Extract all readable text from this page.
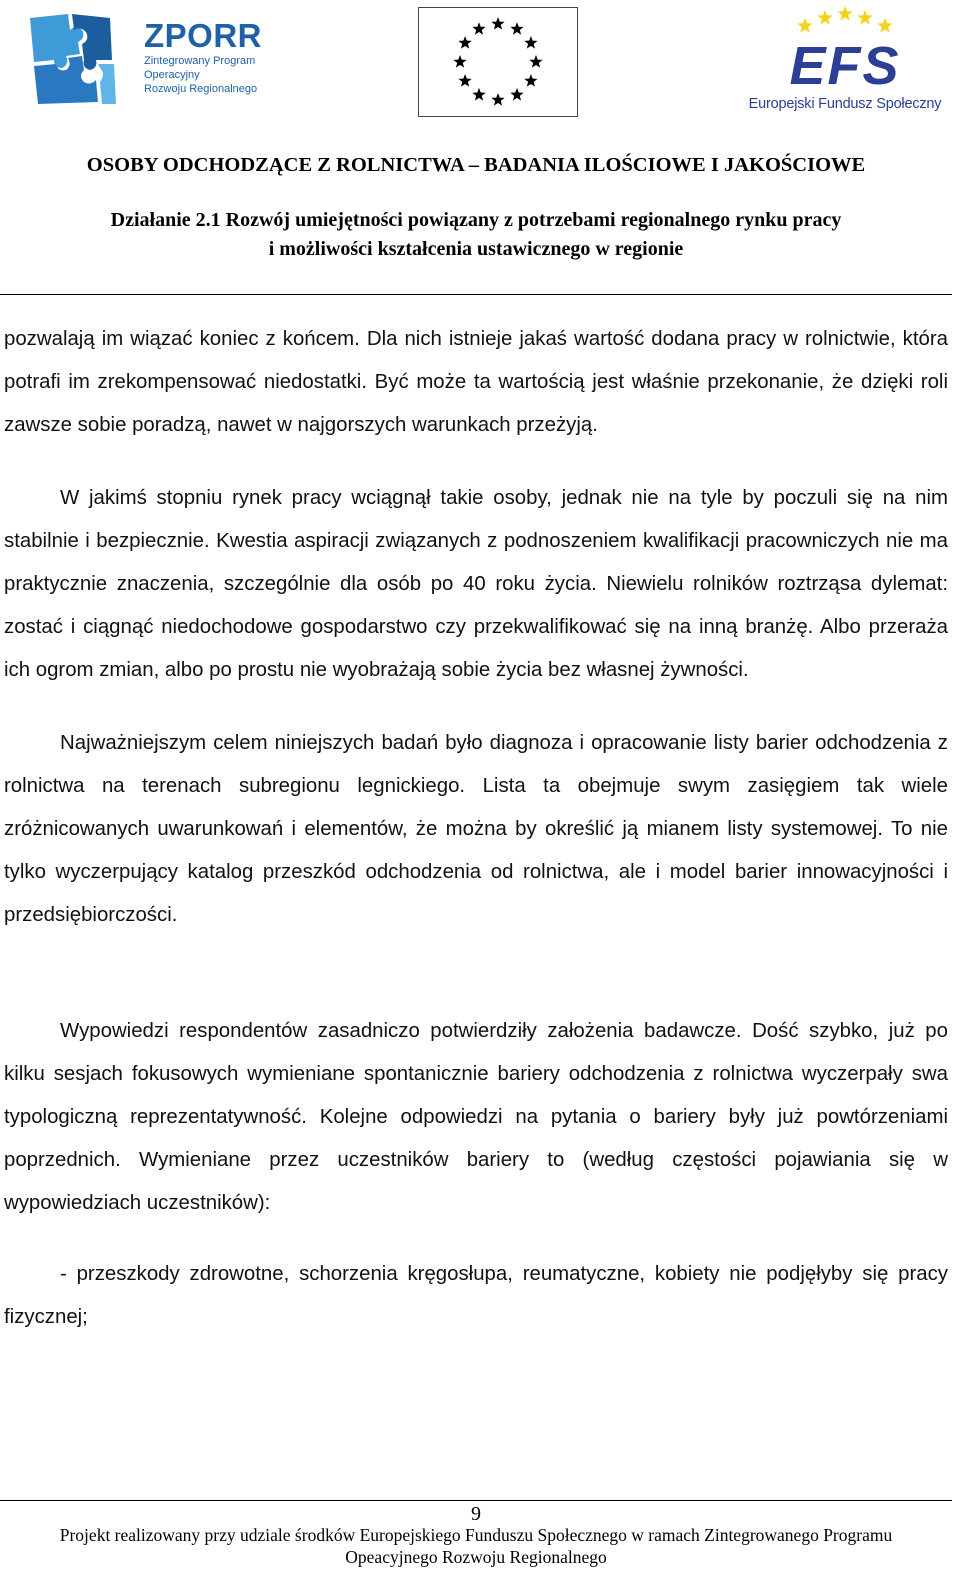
ZPORR
Zintegrowany Program
Operacyjny
Rozwoju Regionalnego	EFS
Europejski Fundusz Społeczny
OSOBY ODCHODZĄCE Z ROLNICTWA – BADANIA ILOŚCIOWE I JAKOŚCIOWE
Działanie 2.1 Rozwój umiejętności powiązany z potrzebami regionalnego rynku pracy
i możliwości kształcenia ustawicznego w regionie

pozwalają im wiązać koniec z końcem. Dla nich istnieje jakaś wartość dodana pracy w rolnictwie, która potrafi im zrekompensować niedostatki. Być może ta wartością jest właśnie przekonanie, że dzięki roli zawsze sobie poradzą, nawet w najgorszych warunkach przeżyją.

W jakimś stopniu rynek pracy wciągnął takie osoby, jednak nie na tyle by poczuli się na nim stabilnie i bezpiecznie. Kwestia aspiracji związanych z podnoszeniem kwalifikacji pracowniczych nie ma praktycznie znaczenia, szczególnie dla osób po 40 roku życia. Niewielu rolników roztrząsa dylemat: zostać i ciągnąć niedochodowe gospodarstwo czy przekwalifikować się na inną branżę. Albo przeraża ich ogrom zmian, albo po prostu nie wyobrażają sobie życia bez własnej żywności.

Najważniejszym celem niniejszych badań było diagnoza i opracowanie listy barier odchodzenia z rolnictwa na terenach subregionu legnickiego. Lista ta obejmuje swym zasięgiem tak wiele zróżnicowanych uwarunkowań i elementów, że można by określić ją mianem listy systemowej. To nie tylko wyczerpujący katalog przeszkód odchodzenia od rolnictwa, ale i model barier innowacyjności i przedsiębiorczości.

Wypowiedzi respondentów zasadniczo potwierdziły założenia badawcze. Dość szybko, już po kilku sesjach fokusowych wymieniane spontanicznie bariery odchodzenia z rolnictwa wyczerpały swa typologiczną reprezentatywność. Kolejne odpowiedzi na pytania o bariery były już powtórzeniami poprzednich. Wymieniane przez uczestników bariery to (według częstości pojawiania się w wypowiedziach uczestników):

- przeszkody zdrowotne, schorzenia kręgosłupa, reumatyczne, kobiety nie podjęłyby się pracy fizycznej;

9
Projekt realizowany przy udziale środków Europejskiego Funduszu Społecznego w ramach Zintegrowanego Programu
Opeacyjnego Rozwoju Regionalnego
